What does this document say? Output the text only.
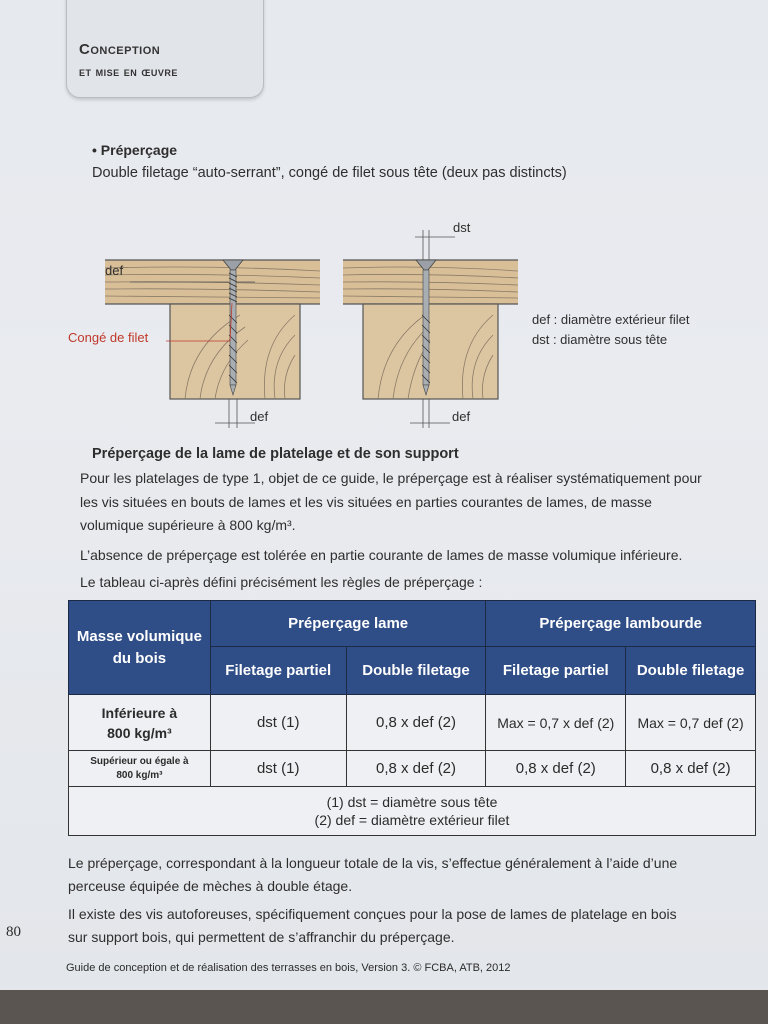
Conception
et mise en œuvre
• Préperçage
Double filetage “auto-serrant”, congé de filet sous tête (deux pas distincts)
def
Congé de filet
def
dst
def
def : diamètre extérieur filet
dst : diamètre sous tête
Préperçage de la lame de platelage et de son support
Pour les platelages de type 1, objet de ce guide, le préperçage est à réaliser systématiquement pour
les vis situées en bouts de lames et les vis situées en parties courantes de lames, de masse
volumique supérieure à 800 kg/m³.
L’absence de préperçage est tolérée en partie courante de lames de masse volumique inférieure.
Le tableau ci-après défini précisément les règles de préperçage :
Masse volumique du bois	Préperçage lame		Préperçage lambourde	
	Filetage partiel	Double filetage	Filetage partiel	Double filetage

Inférieure à
800 kg/m³	dst (1)	0,8 x def (2)	Max = 0,7 x def (2)	Max = 0,7 def (2)

Supérieur ou égale à
800 kg/m³	dst (1)	0,8 x def (2)	0,8 x def (2)	0,8 x def (2)

(1) dst = diamètre sous tête
(2) def = diamètre extérieur filet				
Le préperçage, correspondant à la longueur totale de la vis, s’effectue généralement à l’aide d’une
perceuse équipée de mèches à double étage.
Il existe des vis autoforeuses, spécifiquement conçues pour la pose de lames de platelage en bois
sur support bois, qui permettent de s’affranchir du préperçage.
80
Guide de conception et de réalisation des terrasses en bois, Version 3. © FCBA, ATB, 2012
